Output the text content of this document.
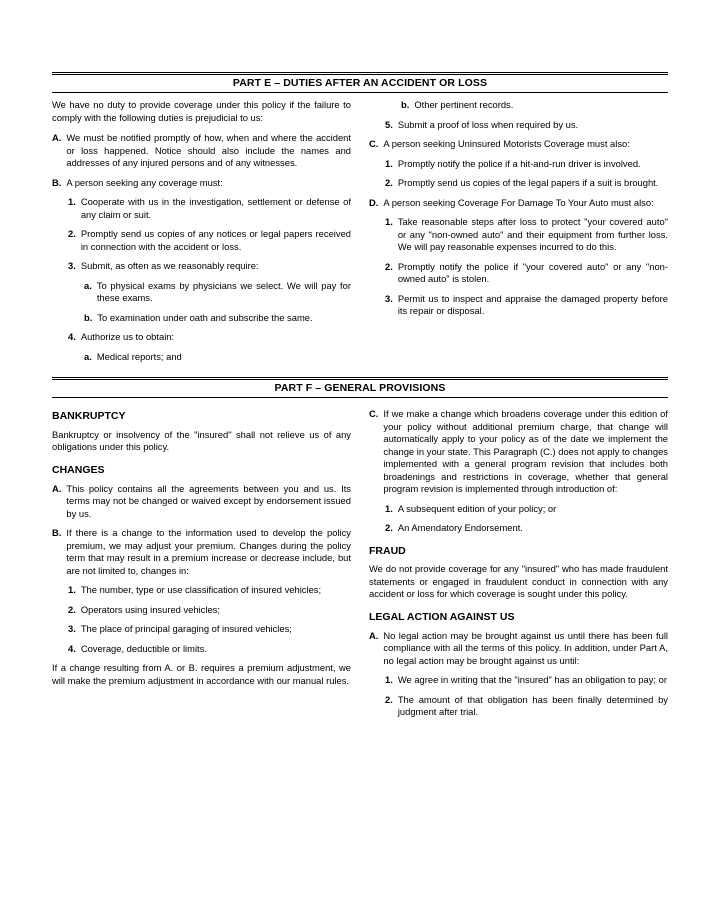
PART E – DUTIES AFTER AN ACCIDENT OR LOSS

We have no duty to provide coverage under this policy if the failure to comply with the following duties is prejudicial to us:

A. We must be notified promptly of how, when and where the accident or loss happened. Notice should also include the names and addresses of any injured persons and of any witnesses.
B. A person seeking any coverage must:
1. Cooperate with us in the investigation, settlement or defense of any claim or suit.
2. Promptly send us copies of any notices or legal papers received in connection with the accident or loss.
3. Submit, as often as we reasonably require:
a. To physical exams by physicians we select. We will pay for these exams.
b. To examination under oath and subscribe the same.
4. Authorize us to obtain:
a. Medical reports; and
b. Other pertinent records.
5. Submit a proof of loss when required by us.
C. A person seeking Uninsured Motorists Coverage must also:
1. Promptly notify the police if a hit-and-run driver is involved.
2. Promptly send us copies of the legal papers if a suit is brought.
D. A person seeking Coverage For Damage To Your Auto must also:
1. Take reasonable steps after loss to protect "your covered auto" or any "non-owned auto" and their equipment from further loss. We will pay reasonable expenses incurred to do this.
2. Promptly notify the police if "your covered auto" or any "non-owned auto" is stolen.
3. Permit us to inspect and appraise the damaged property before its repair or disposal.
PART F – GENERAL PROVISIONS
BANKRUPTCY

Bankruptcy or insolvency of the "insured" shall not relieve us of any obligations under this policy.

CHANGES
A. This policy contains all the agreements between you and us. Its terms may not be changed or waived except by endorsement issued by us.
B. If there is a change to the information used to develop the policy premium, we may adjust your premium. Changes during the policy term that may result in a premium increase or decrease include, but are not limited to, changes in:
1. The number, type or use classification of insured vehicles;
2. Operators using insured vehicles;
3. The place of principal garaging of insured vehicles;
4. Coverage, deductible or limits.

If a change resulting from A. or B. requires a premium adjustment, we will make the premium adjustment in accordance with our manual rules.

C. If we make a change which broadens coverage under this edition of your policy without additional premium charge, that change will automatically apply to your policy as of the date we implement the change in your state. This Paragraph (C.) does not apply to changes implemented with a general program revision that includes both broadenings and restrictions in coverage, whether that general program revision is implemented through introduction of:
1. A subsequent edition of your policy; or
2. An Amendatory Endorsement.
FRAUD

We do not provide coverage for any "insured" who has made fraudulent statements or engaged in fraudulent conduct in connection with any accident or loss for which coverage is sought under this policy.

LEGAL ACTION AGAINST US
A. No legal action may be brought against us until there has been full compliance with all the terms of this policy. In addition, under Part A, no legal action may be brought against us until:
1. We agree in writing that the "insured" has an obligation to pay; or
2. The amount of that obligation has been finally determined by judgment after trial.
